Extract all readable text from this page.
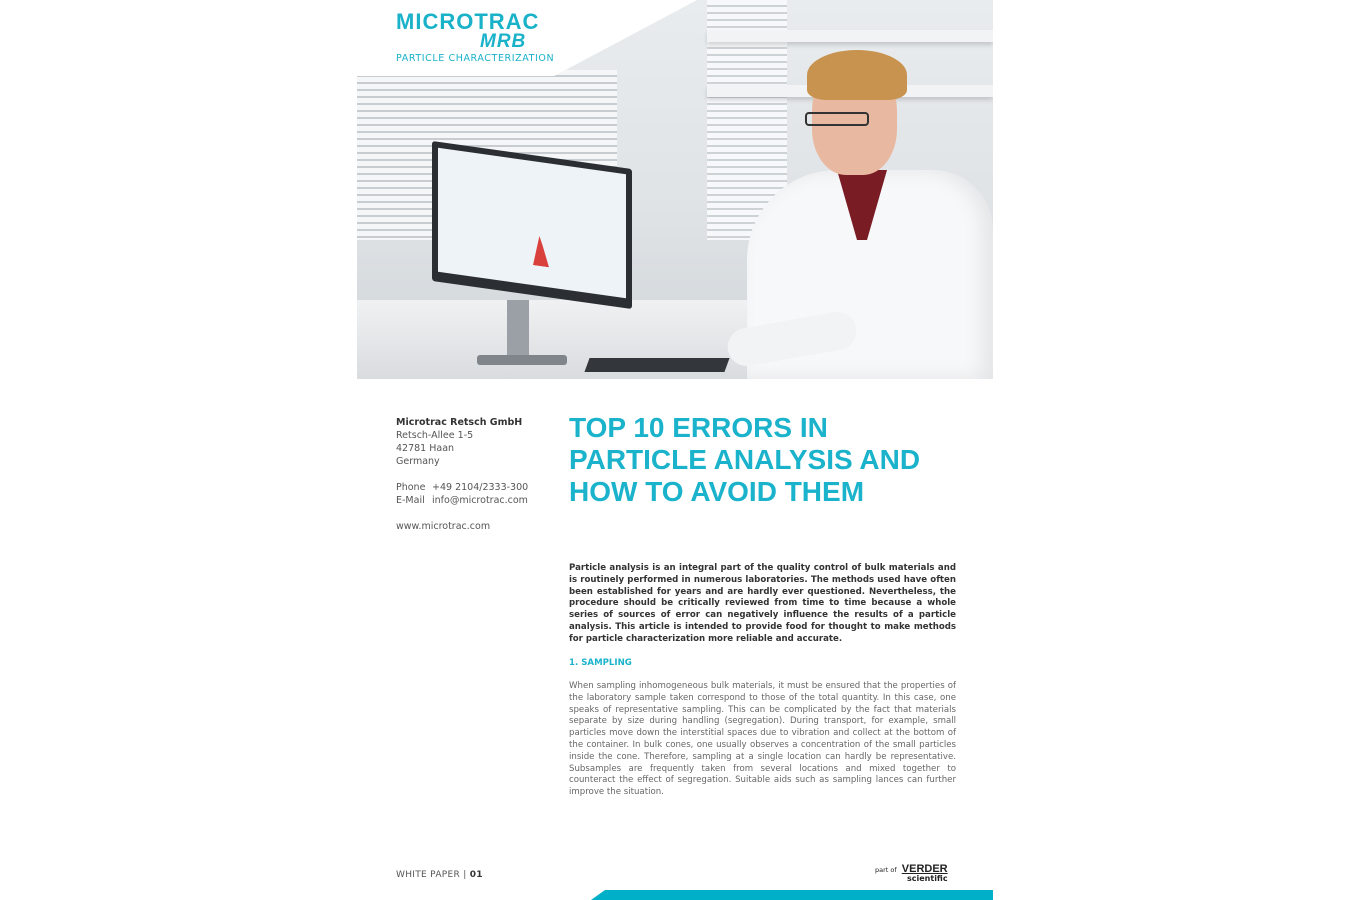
MICROTRAC
MRB
PARTICLE CHARACTERIZATION
Microtrac Retsch GmbH
Retsch-Allee 1-5
42781 Haan
Germany
Phone +49 2104/2333-300
E-Mail info@microtrac.com
www.microtrac.com
TOP 10 ERRORS IN PARTICLE ANALYSIS AND HOW TO AVOID THEM
Particle analysis is an integral part of the quality control of bulk materials and is routinely performed in numerous laboratories. The methods used have often been established for years and are hardly ever questioned. Nevertheless, the procedure should be critically reviewed from time to time because a whole series of sources of error can negatively influence the results of a particle analysis. This article is intended to provide food for thought to make methods for particle characterization more reliable and accurate.
1. SAMPLING
When sampling inhomogeneous bulk materials, it must be ensured that the properties of the laboratory sample taken correspond to those of the total quantity. In this case, one speaks of representative sampling. This can be complicated by the fact that materials separate by size during handling (segregation). During transport, for example, small particles move down the interstitial spaces due to vibration and collect at the bottom of the container. In bulk cones, one usually observes a concentration of the small particles inside the cone. Therefore, sampling at a single location can hardly be representative. Subsamples are frequently taken from several locations and mixed together to counteract the effect of segregation. Suitable aids such as sampling lances can further improve the situation.
WHITE PAPER | 01	part of VERDER
scientific
